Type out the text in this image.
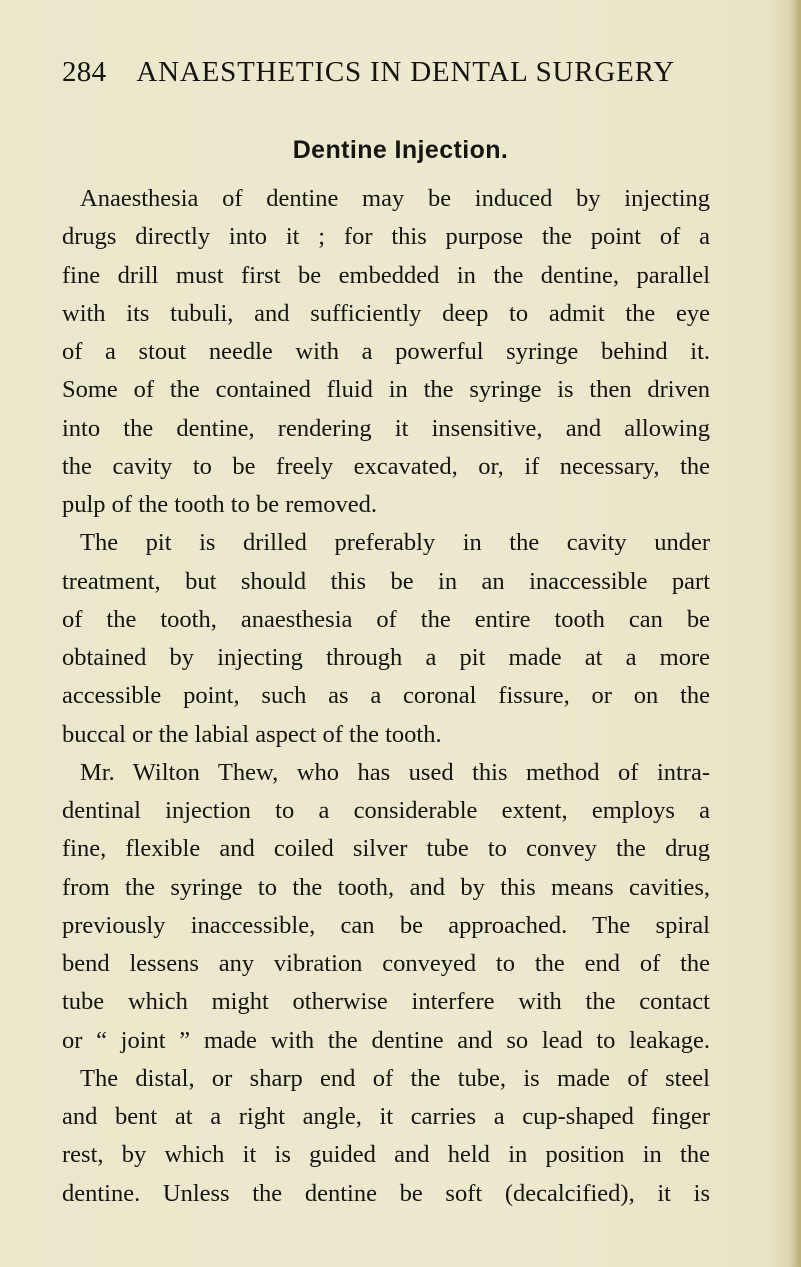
284 ANAESTHETICS IN DENTAL SURGERY
Dentine Injection.
Anaesthesia of dentine may be induced by injecting
drugs directly into it ; for this purpose the point of a
fine drill must first be embedded in the dentine, parallel
with its tubuli, and sufficiently deep to admit the eye
of a stout needle with a powerful syringe behind it.
Some of the contained fluid in the syringe is then driven
into the dentine, rendering it insensitive, and allowing
the cavity to be freely excavated, or, if necessary, the
pulp of the tooth to be removed.
The pit is drilled preferably in the cavity under
treatment, but should this be in an inaccessible part
of the tooth, anaesthesia of the entire tooth can be
obtained by injecting through a pit made at a more
accessible point, such as a coronal fissure, or on the
buccal or the labial aspect of the tooth.
Mr. Wilton Thew, who has used this method of intra-
dentinal injection to a considerable extent, employs a
fine, flexible and coiled silver tube to convey the drug
from the syringe to the tooth, and by this means cavities,
previously inaccessible, can be approached. The spiral
bend lessens any vibration conveyed to the end of the
tube which might otherwise interfere with the contact
or “ joint ” made with the dentine and so lead to leakage.
The distal, or sharp end of the tube, is made of steel
and bent at a right angle, it carries a cup-shaped finger
rest, by which it is guided and held in position in the
dentine. Unless the dentine be soft (decalcified), it is
